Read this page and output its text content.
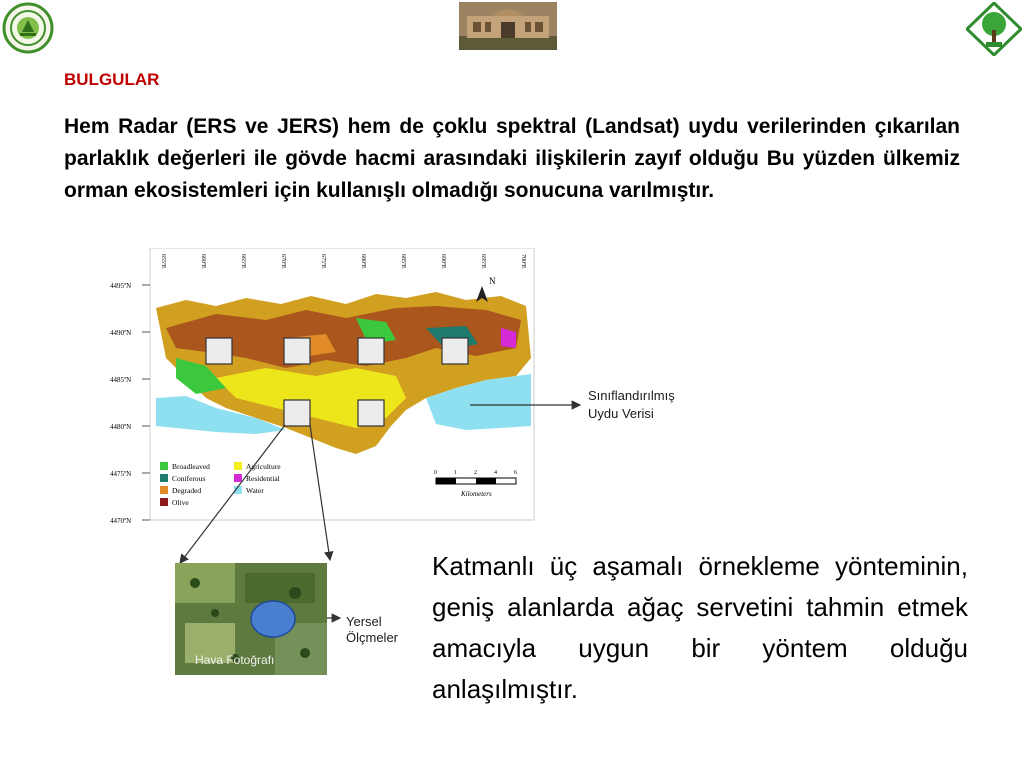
BULGULAR
Hem Radar (ERS ve JERS) hem de çoklu spektral (Landsat) uydu verilerinden çıkarılan parlaklık değerleri ile gövde hacmi arasındaki ilişkilerin zayıf olduğu Bu yüzden ülkemiz orman ekosistemleri için kullanışlı olmadığı sonucuna varılmıştır.
N
4495ºN
4490ºN
4485ºN
4480ºN
4475ºN
4470ºN
655ºE	660ºE	665ºE	670ºE	675ºE	680ºE	685ºE	690ºE	695ºE	700ºE
Broadleaved
Coniferous
Degraded
Olive
Agriculture
Residential
Water
0	1	2	4	6
Kilometers
Sınıflandırılmış
Uydu Verisi
Hava Fotoğrafı
Yersel
Ölçmeler
Katmanlı üç aşamalı örnekleme yönteminin, geniş alanlarda ağaç servetini tahmin etmek amacıyla uygun bir yöntem olduğu anlaşılmıştır.
